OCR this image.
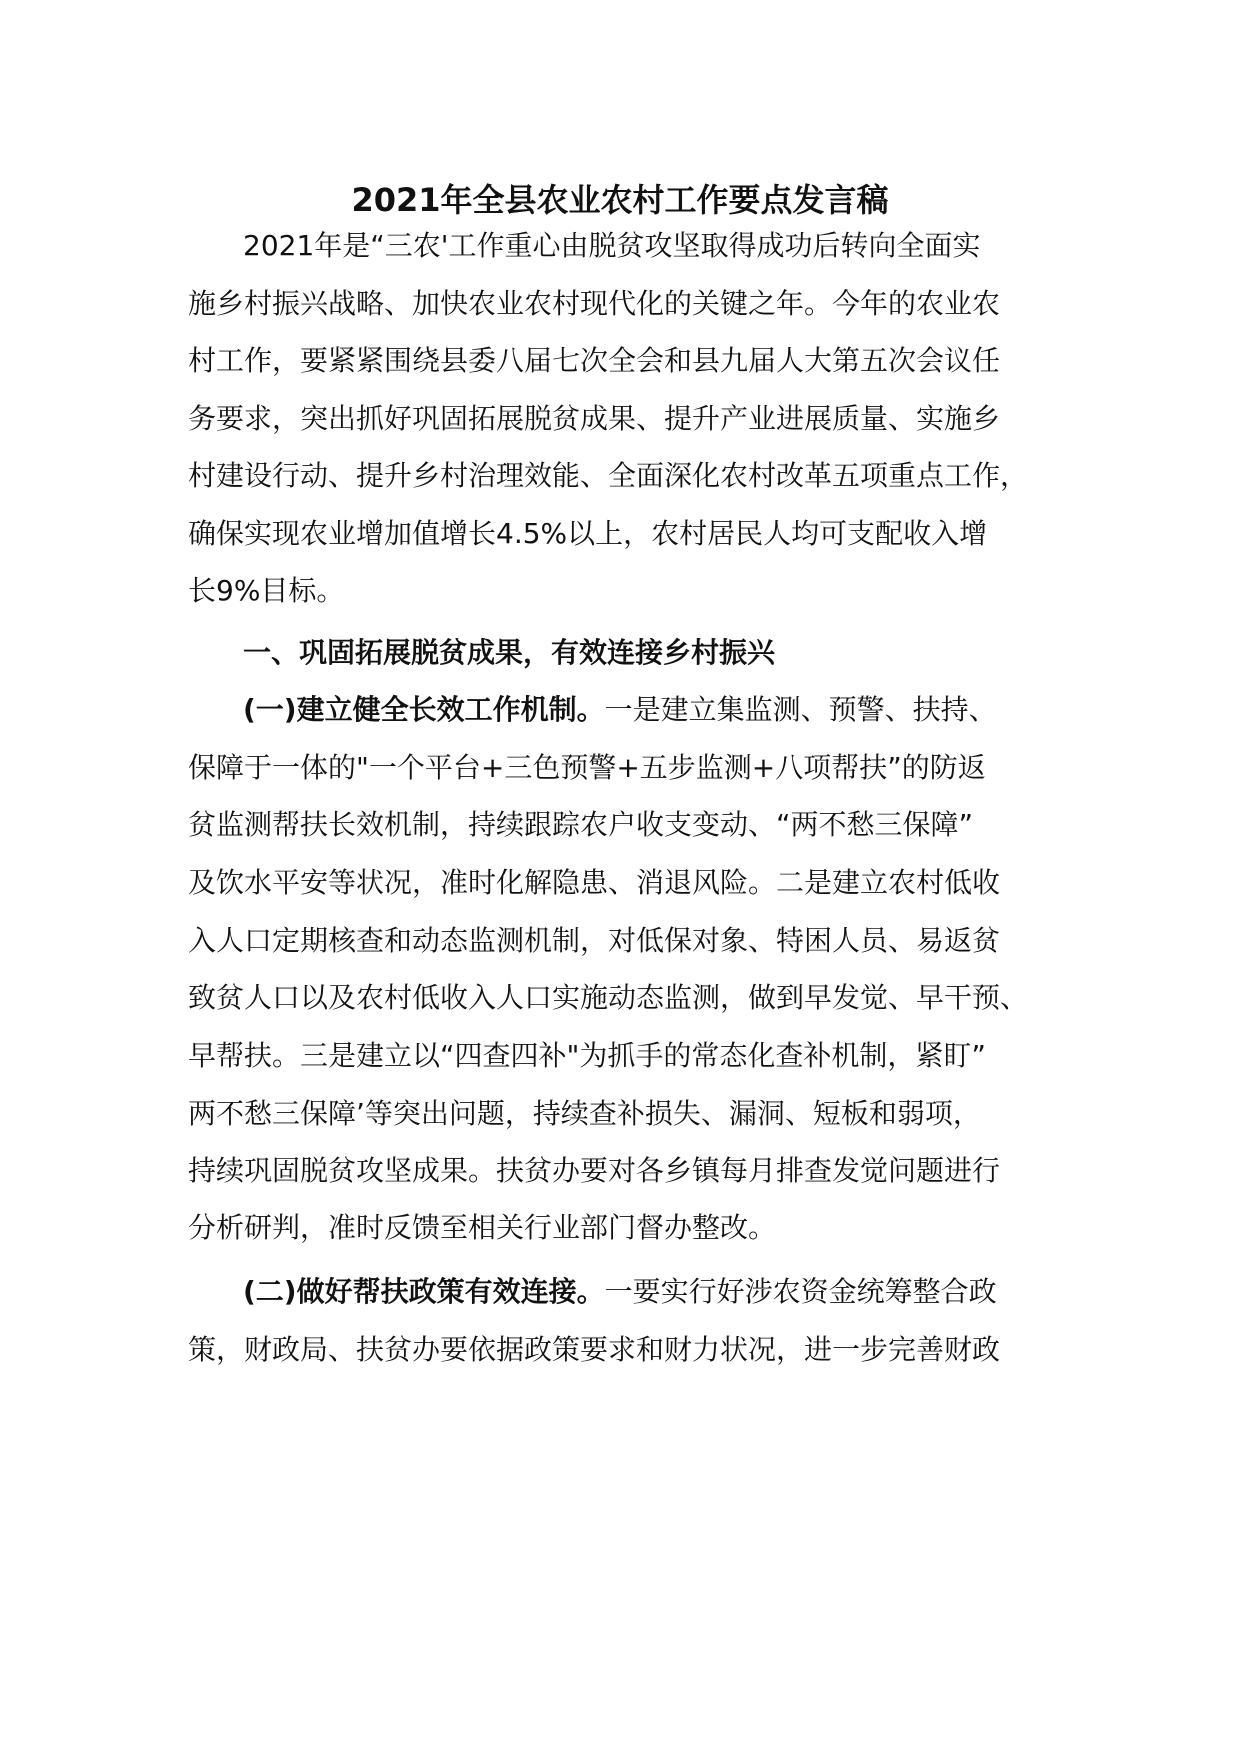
2021年全县农业农村工作要点发言稿

2021年是“三农'工作重心由脱贫攻坚取得成功后转向全面实

施乡村振兴战略、加快农业农村现代化的关键之年。今年的农业农

村工作，要紧紧围绕县委八届七次全会和县九届人大第五次会议任

务要求，突出抓好巩固拓展脱贫成果、提升产业进展质量、实施乡

村建设行动、提升乡村治理效能、全面深化农村改革五项重点工作，

确保实现农业增加值增长4.5%以上，农村居民人均可支配收入增

长9%目标。

一、巩固拓展脱贫成果，有效连接乡村振兴

(一)建立健全长效工作机制。一是建立集监测、预警、扶持、

保障于一体的"一个平台+三色预警+五步监测+八项帮扶”的防返

贫监测帮扶长效机制，持续跟踪农户收支变动、“两不愁三保障”

及饮水平安等状况，准时化解隐患、消退风险。二是建立农村低收

入人口定期核查和动态监测机制，对低保对象、特困人员、易返贫

致贫人口以及农村低收入人口实施动态监测，做到早发觉、早干预、

早帮扶。三是建立以“四查四补"为抓手的常态化查补机制，紧盯”

两不愁三保障’等突出问题，持续查补损失、漏洞、短板和弱项，

持续巩固脱贫攻坚成果。扶贫办要对各乡镇每月排查发觉问题进行

分析研判，准时反馈至相关行业部门督办整改。

(二)做好帮扶政策有效连接。一要实行好涉农资金统筹整合政

策，财政局、扶贫办要依据政策要求和财力状况，进一步完善财政
